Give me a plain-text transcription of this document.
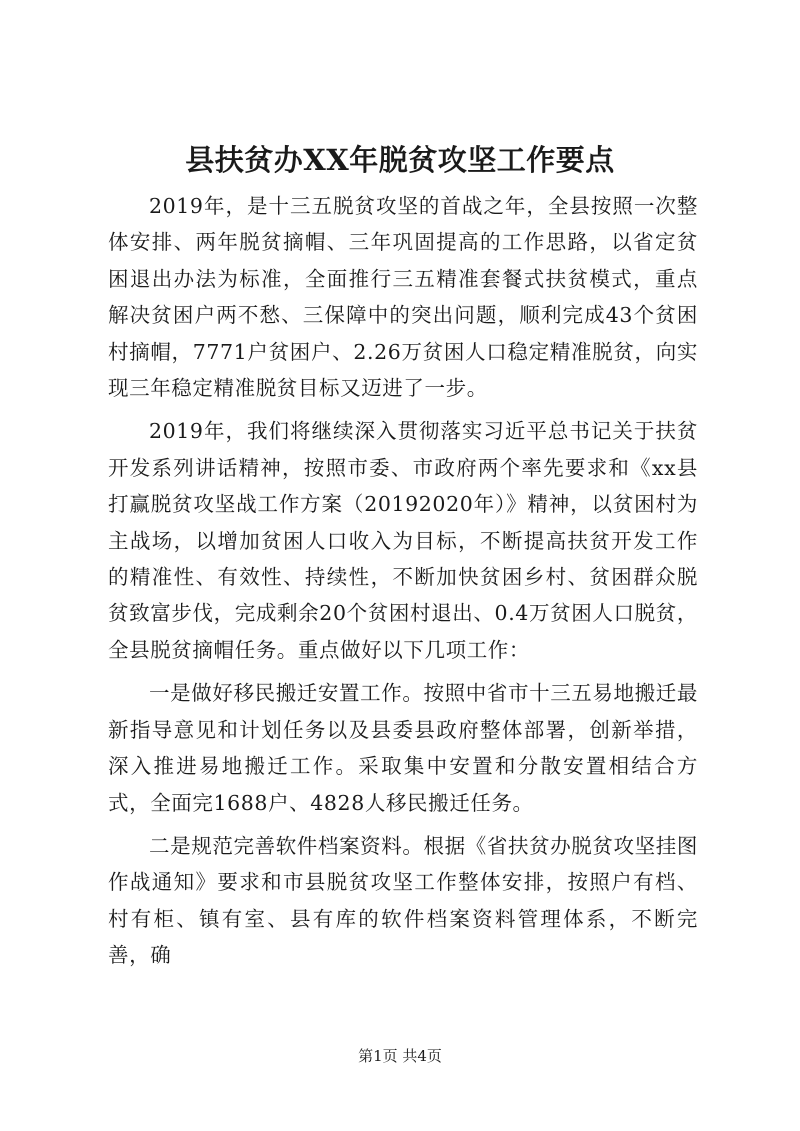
县扶贫办XX年脱贫攻坚工作要点

2019年，是十三五脱贫攻坚的首战之年，全县按照一次整体安排、两年脱贫摘帽、三年巩固提高的工作思路，以省定贫困退出办法为标准，全面推行三五精准套餐式扶贫模式，重点解决贫困户两不愁、三保障中的突出问题，顺利完成43个贫困村摘帽，7771户贫困户、2.26万贫困人口稳定精准脱贫，向实现三年稳定精准脱贫目标又迈进了一步。

2019年，我们将继续深入贯彻落实习近平总书记关于扶贫开发系列讲话精神，按照市委、市政府两个率先要求和《xx县打赢脱贫攻坚战工作方案（20192020年）》精神，以贫困村为主战场，以增加贫困人口收入为目标，不断提高扶贫开发工作的精准性、有效性、持续性，不断加快贫困乡村、贫困群众脱贫致富步伐，完成剩余20个贫困村退出、0.4万贫困人口脱贫，全县脱贫摘帽任务。重点做好以下几项工作：

一是做好移民搬迁安置工作。按照中省市十三五易地搬迁最新指导意见和计划任务以及县委县政府整体部署，创新举措，深入推进易地搬迁工作。采取集中安置和分散安置相结合方式，全面完1688户、4828人移民搬迁任务。

二是规范完善软件档案资料。根据《省扶贫办脱贫攻坚挂图作战通知》要求和市县脱贫攻坚工作整体安排，按照户有档、村有柜、镇有室、县有库的软件档案资料管理体系，不断完善，确

第1页 共4页
